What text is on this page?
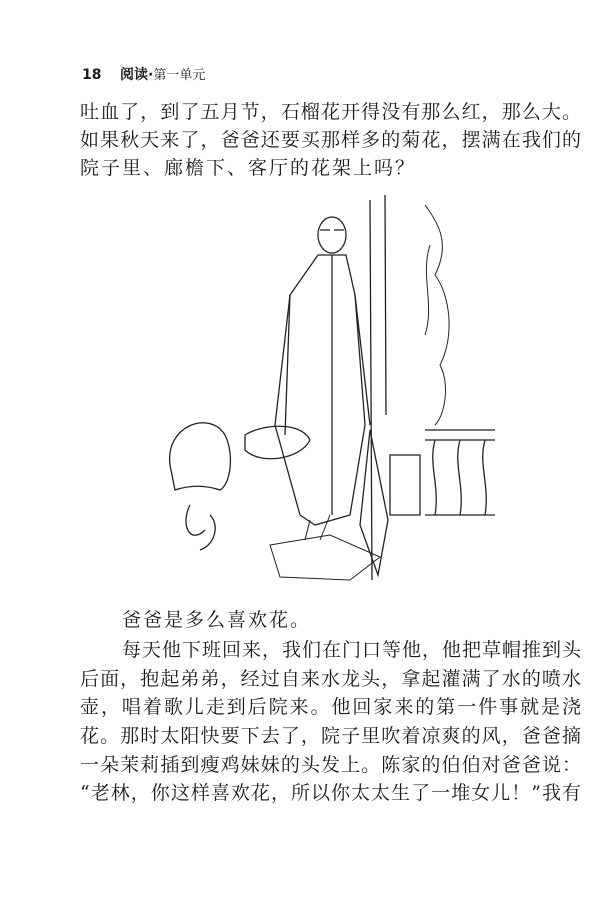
18 阅读·第一单元
吐血了，到了五月节，石榴花开得没有那么红，那么大。
如果秋天来了，爸爸还要买那样多的菊花，摆满在我们的
院子里、廊檐下、客厅的花架上吗？
爸爸是多么喜欢花。
每天他下班回来，我们在门口等他，他把草帽推到头
后面，抱起弟弟，经过自来水龙头，拿起灌满了水的喷水
壶，唱着歌儿走到后院来。他回家来的第一件事就是浇
花。那时太阳快要下去了，院子里吹着凉爽的风，爸爸摘
一朵茉莉插到瘦鸡妹妹的头发上。陈家的伯伯对爸爸说：
“老林，你这样喜欢花，所以你太太生了一堆女儿！”我有
